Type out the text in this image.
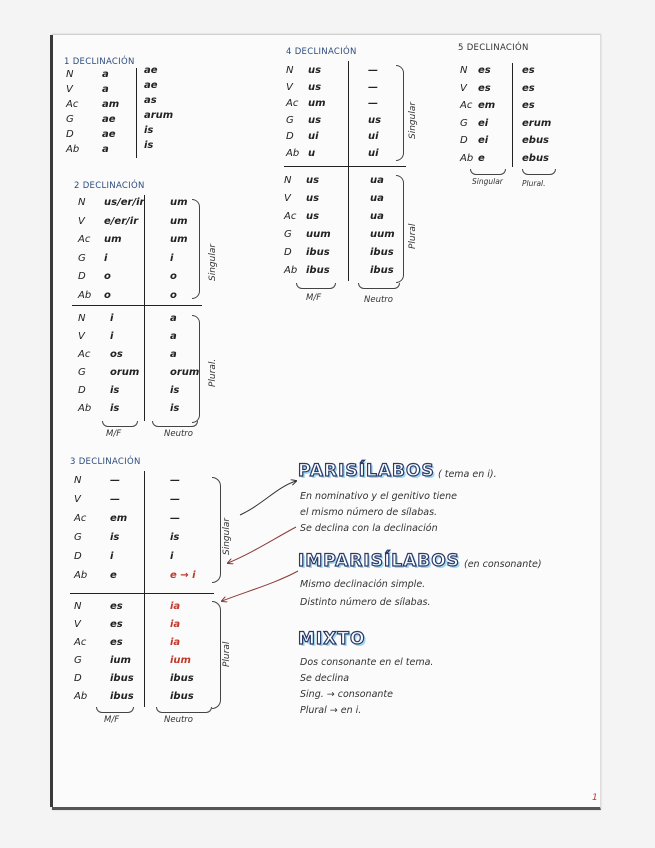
1 DECLINACIÓN
N	a	ae
V	a	ae
Ac am as
G	ae	arum
D	ae	is
Ab a	is
2 DECLINACIÓN
N us/er/ir	um
V e/er/ir	um
Ac um	um
G i	i
D o	o
Ab o	o
N i	a
V	i	a
Ac os	a
G orum	orum
D is	is
Ab is	is
Singular
Plural.
M/F	Neutro
3 DECLINACIÓN
N	—	—
V	—	—
Ac em	—
G	is	is
D	i	i
Ab e	e → i
N	es	ia
V	es	ia
Ac es	ia
G	ium	ium
D	ibus	ibus
Ab ibus	ibus
Singular
Plural
M/F	Neutro
4 DECLINACIÓN
N us	—
V us	—
Ac um	—
G us	us
D ui	ui
Ab u	ui
N us	ua
V us	ua
Ac us	ua
G uum	uum
D ibus	ibus
Ab ibus	ibus
Singular
Plural
M/F	Neutro
5 DECLINACIÓN
N es	es
V es	es
Ac em	es
G ei	erum
D ei	ebus
Ab e	ebus
Singular	Plural.
PARISÍLABOS ( tema en i).
En nominativo y el genitivo tiene
el mismo número de sílabas.
Se declina con la declinación
IMPARISÍLABOS (en consonante)
Mismo declinación simple.
Distinto número de sílabas.
MIXTO
Dos consonante en el tema.
Se declina
Sing. → consonante
Plural → en i.
1
